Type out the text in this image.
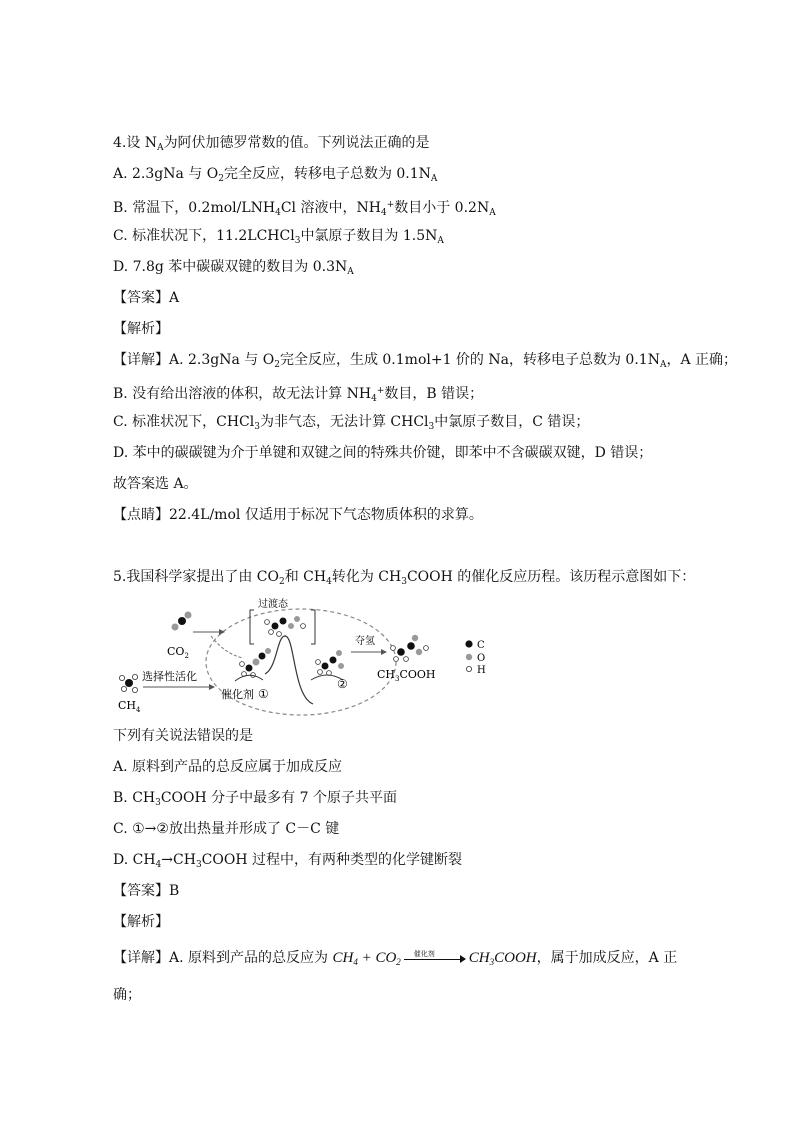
4.设 $N_A$为阿伏加德罗常数的值。下列说法正确的是
A. 2.3gNa 与 $O_2$完全反应，转移电子总数为 $0.1N_A$
B. 常温下，$0.2mol/LNH_4Cl$ 溶液中，$NH_4^+$数目小于 $0.2N_A$
C. 标准状况下，11.2LCHCl$_3$中氯原子数目为 $1.5N_A$
D. 7.8g 苯中碳碳双键的数目为 $0.3N_A$
【答案】A
【解析】
【详解】A. 2.3gNa 与 $O_2$完全反应，生成 0.1mol+1 价的 Na，转移电子总数为 $0.1N_A$，A 正确；
B. 没有给出溶液的体积，故无法计算 $NH_4^+$数目，B 错误；
C. 标准状况下，CHCl$_3$为非气态，无法计算 CHCl$_3$中氯原子数目，C 错误；
D. 苯中的碳碳键为介于单键和双键之间的特殊共价键，即苯中不含碳碳双键，D 错误；
故答案选 A。
【点睛】22.4L/mol 仅适用于标况下气态物质体积的求算。
5.我国科学家提出了由 $CO_2$和 $CH_4$转化为 $CH_3COOH$ 的催化反应历程。该历程示意图如下：
$CO_2$
$CH_4$
选择性活化
催化剂 ①
过渡态
②
夺氢
$CH_3COOH$
C
O
H
下列有关说法错误的是
A. 原料到产品的总反应属于加成反应
B. $CH_3COOH$ 分子中最多有 7 个原子共平面
C. ①→②放出热量并形成了 C－C 键
D. $CH_4\to CH_3COOH$ 过程中，有两种类型的化学键断裂
【答案】B
【解析】
【详解】A. 原料到产品的总反应为 $CH_4 + CO_2$
催化剂 $CH_3COOH$，属于加成反应，A 正
确；
